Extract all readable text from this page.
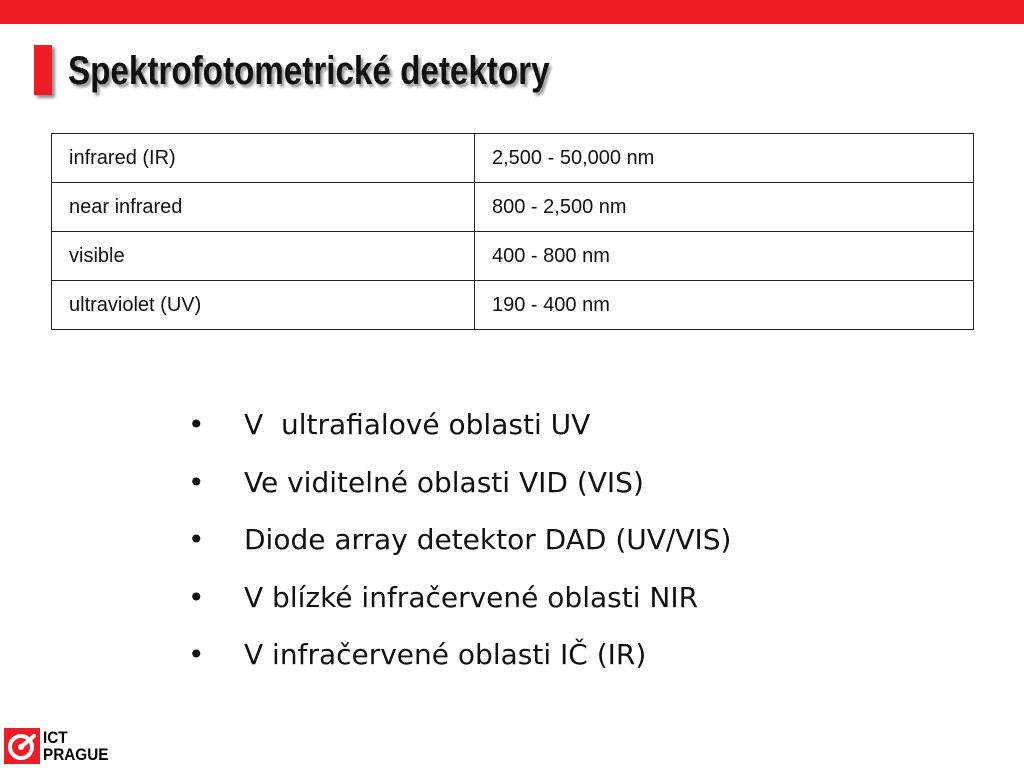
Spektrofotometrické detektory
infrared (IR)	2,500 - 50,000 nm
near infrared	800 - 2,500 nm
visible	400 - 800 nm
ultraviolet (UV)	190 - 400 nm
•	V  ultrafialové oblasti UV
•	Ve viditelné oblasti VID (VIS)
•	Diode array detektor DAD (UV/VIS)
•	V blízké infračervené oblasti NIR
•	V infračervené oblasti IČ (IR)
ICT
PRAGUE
